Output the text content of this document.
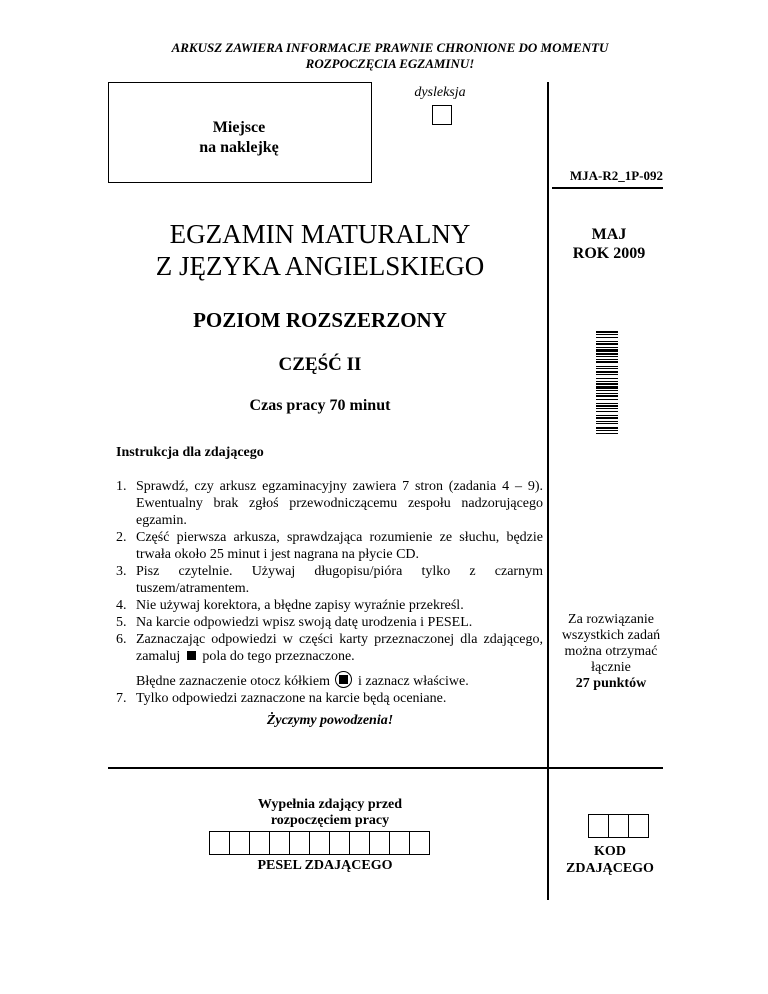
ARKUSZ ZAWIERA INFORMACJE PRAWNIE CHRONIONE DO MOMENTU
ROZPOCZĘCIA EGZAMINU!
Miejsce
na naklejkę
dysleksja
MJA-R2_1P-092
EGZAMIN MATURALNY
Z JĘZYKA ANGIELSKIEGO
MAJ
ROK 2009
POZIOM ROZSZERZONY
CZĘŚĆ II
Czas pracy 70 minut
Instrukcja dla zdającego
1. Sprawdź, czy arkusz egzaminacyjny zawiera 7 stron (zadania 4 – 9). Ewentualny brak zgłoś przewodniczącemu zespołu nadzorującego egzamin.
2. Część pierwsza arkusza, sprawdzająca rozumienie ze słuchu, będzie trwała około 25 minut i jest nagrana na płycie CD.
3. Pisz czytelnie. Używaj długopisu/pióra tylko z czarnym tuszem/atramentem.
4. Nie używaj korektora, a błędne zapisy wyraźnie przekreśl.
5. Na karcie odpowiedzi wpisz swoją datę urodzenia i PESEL.
6. Zaznaczając odpowiedzi w części karty przeznaczonej dla zdającego, zamaluj pola do tego przeznaczone.
Błędne zaznaczenie otocz kółkiem i zaznacz właściwe.
7. Tylko odpowiedzi zaznaczone na karcie będą oceniane.
Za rozwiązanie
wszystkich zadań
można otrzymać
łącznie
27 punktów
Życzymy powodzenia!
Wypełnia zdający przed
rozpoczęciem pracy
PESEL ZDAJĄCEGO
KOD
ZDAJĄCEGO
